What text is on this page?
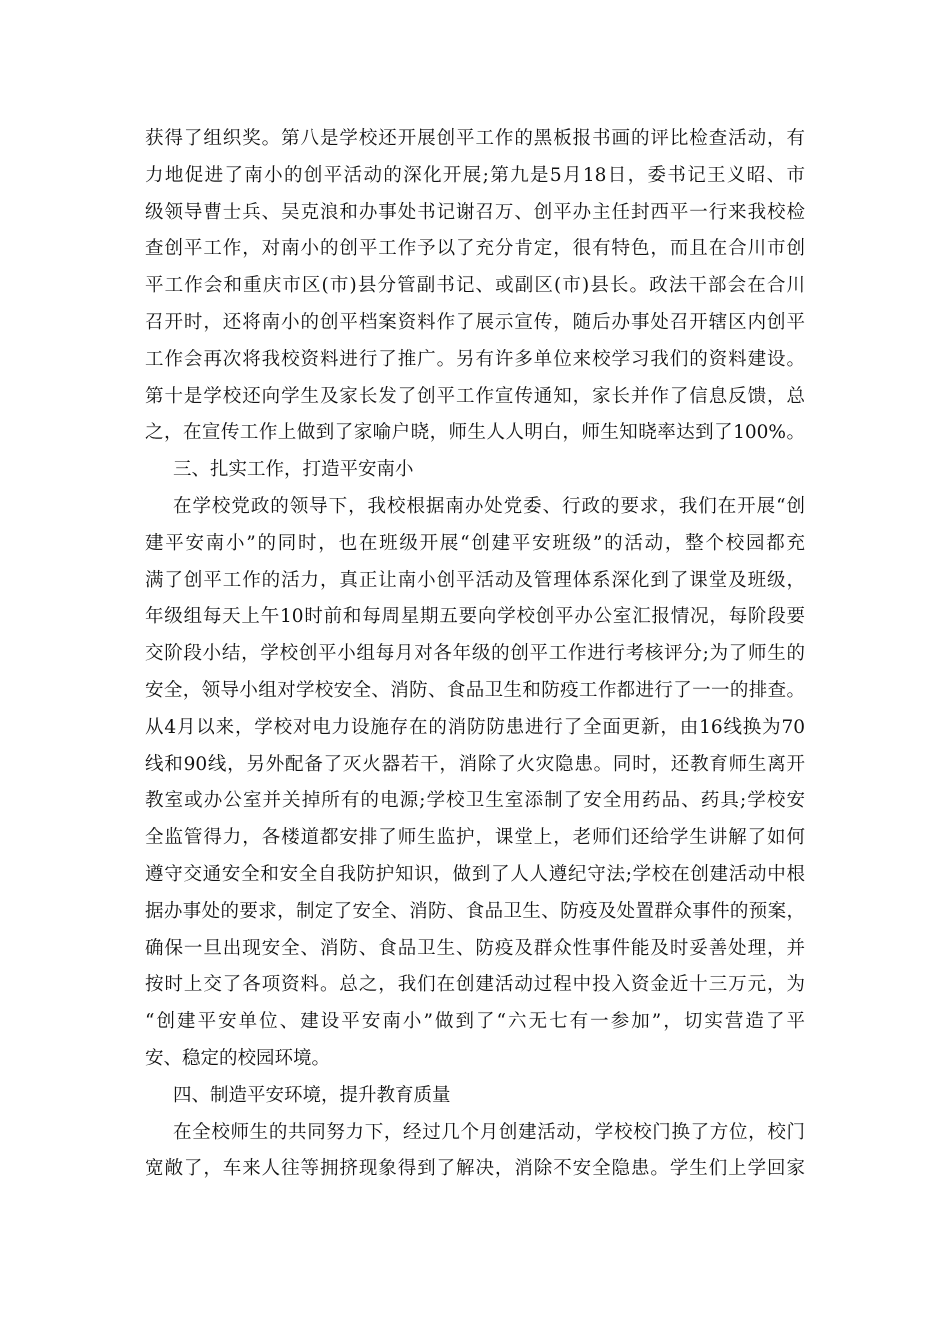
获得了组织奖。第八是学校还开展创平工作的黑板报书画的评比检查活动，有
力地促进了南小的创平活动的深化开展;第九是5月18日，委书记王义昭、市
级领导曹士兵、吴克浪和办事处书记谢召万、创平办主任封西平一行来我校检
查创平工作，对南小的创平工作予以了充分肯定，很有特色，而且在合川市创
平工作会和重庆市区(市)县分管副书记、或副区(市)县长。政法干部会在合川
召开时，还将南小的创平档案资料作了展示宣传，随后办事处召开辖区内创平
工作会再次将我校资料进行了推广。另有许多单位来校学习我们的资料建设。
第十是学校还向学生及家长发了创平工作宣传通知，家长并作了信息反馈，总
之，在宣传工作上做到了家喻户晓，师生人人明白，师生知晓率达到了100%。
三、扎实工作，打造平安南小
在学校党政的领导下，我校根据南办处党委、行政的要求，我们在开展“创
建平安南小”的同时，也在班级开展“创建平安班级”的活动，整个校园都充
满了创平工作的活力，真正让南小创平活动及管理体系深化到了课堂及班级，
年级组每天上午10时前和每周星期五要向学校创平办公室汇报情况，每阶段要
交阶段小结，学校创平小组每月对各年级的创平工作进行考核评分;为了师生的
安全，领导小组对学校安全、消防、食品卫生和防疫工作都进行了一一的排查。
从4月以来，学校对电力设施存在的消防防患进行了全面更新，由16线换为70
线和90线，另外配备了灭火器若干，消除了火灾隐患。同时，还教育师生离开
教室或办公室并关掉所有的电源;学校卫生室添制了安全用药品、药具;学校安
全监管得力，各楼道都安排了师生监护，课堂上，老师们还给学生讲解了如何
遵守交通安全和安全自我防护知识，做到了人人遵纪守法;学校在创建活动中根
据办事处的要求，制定了安全、消防、食品卫生、防疫及处置群众事件的预案，
确保一旦出现安全、消防、食品卫生、防疫及群众性事件能及时妥善处理，并
按时上交了各项资料。总之，我们在创建活动过程中投入资金近十三万元，为
“创建平安单位、建设平安南小”做到了“六无七有一参加”，切实营造了平
安、稳定的校园环境。
四、制造平安环境，提升教育质量
在全校师生的共同努力下，经过几个月创建活动，学校校门换了方位，校门
宽敞了，车来人往等拥挤现象得到了解决，消除不安全隐患。学生们上学回家
